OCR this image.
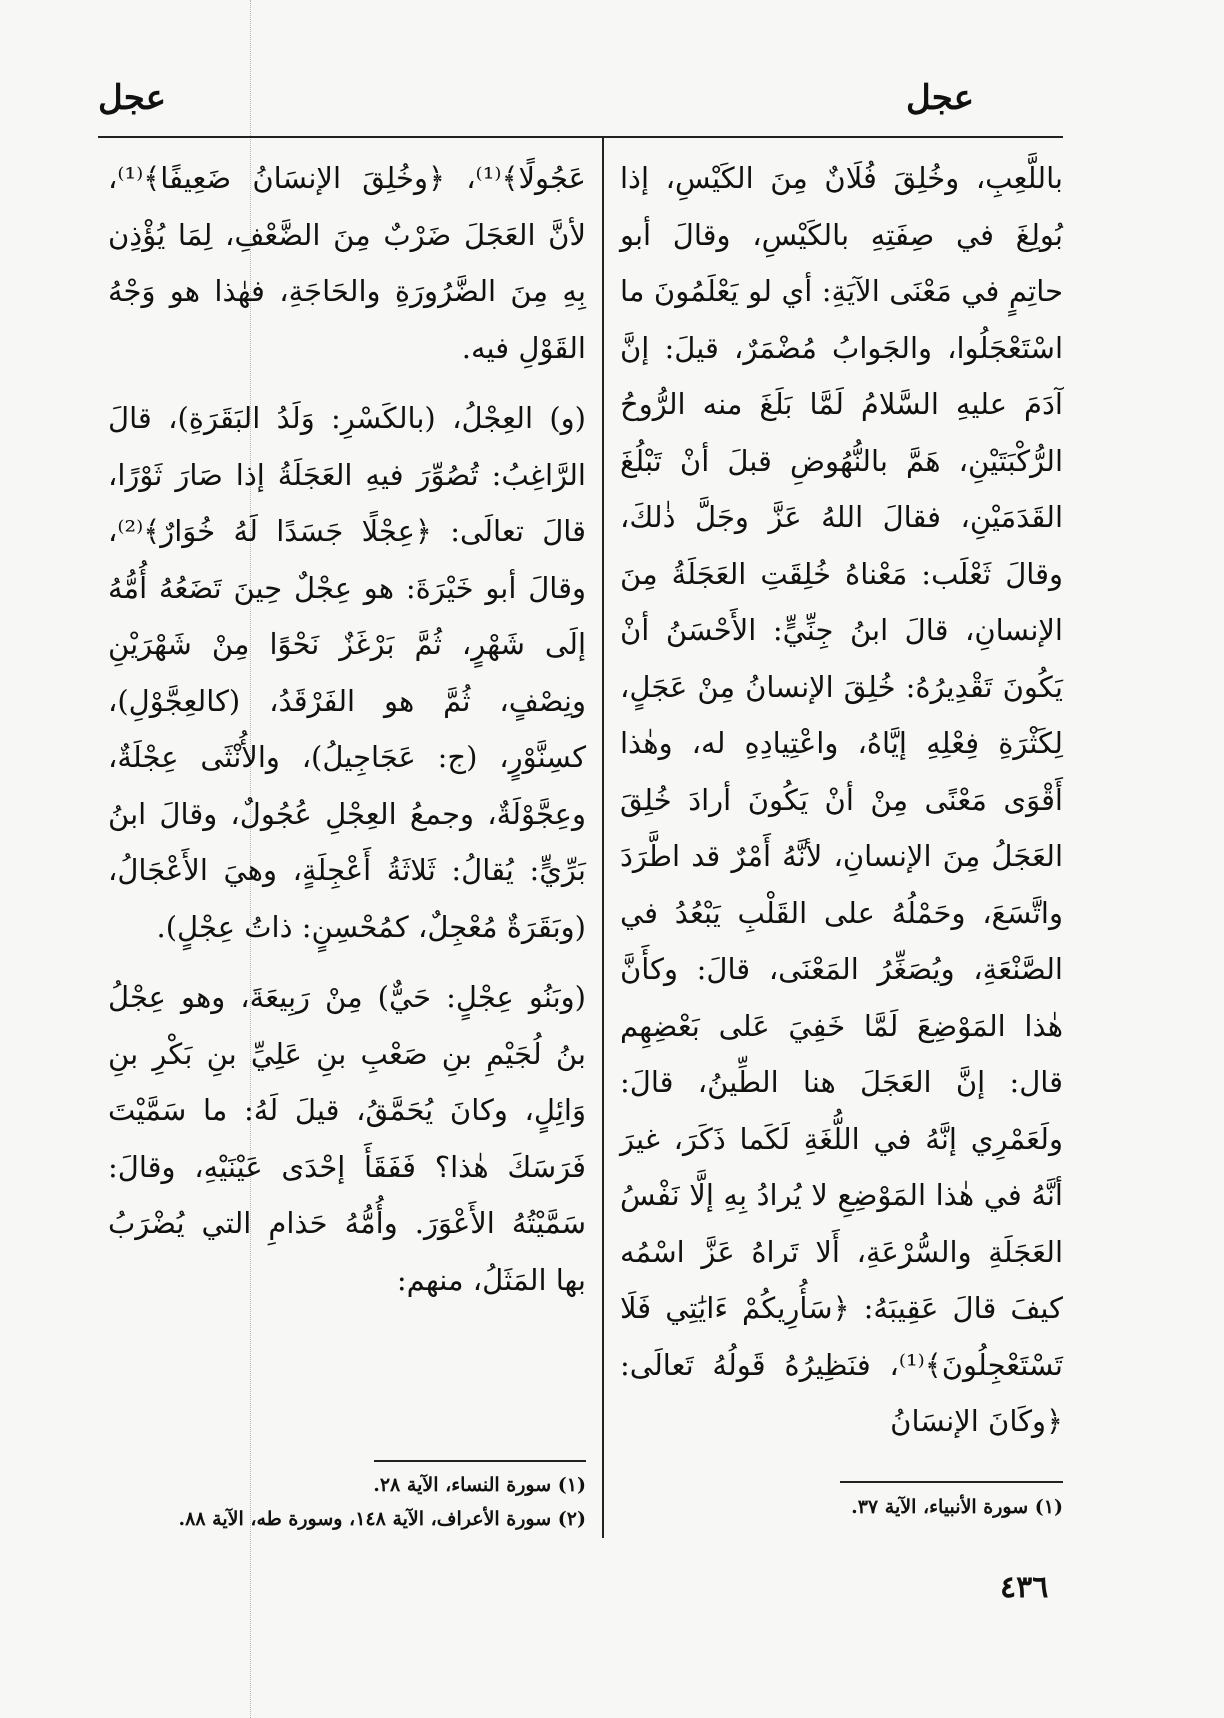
عجل
عجل

باللَّعِبِ، وخُلِقَ فُلَانٌ مِنَ الكَيْسِ، إذا بُولِغَ في صِفَتِهِ بالكَيْسِ، وقالَ أبو حاتِمٍ في مَعْنَى الآيَةِ: أي لو يَعْلَمُونَ ما اسْتَعْجَلُوا، والجَوابُ مُضْمَرٌ، قيلَ: إنَّ آدَمَ عليهِ السَّلامُ لَمَّا بَلَغَ منه الرُّوحُ الرُّكْبَتَيْنِ، هَمَّ بالنُّهُوضِ قبلَ أنْ تَبْلُغَ القَدَمَيْنِ، فقالَ اللهُ عَزَّ وجَلَّ ذٰلكَ، وقالَ ثَعْلَب: مَعْناهُ خُلِقَتِ العَجَلَةُ مِنَ الإنسانِ، قالَ ابنُ جِنِّيٍّ: الأَحْسَنُ أنْ يَكُونَ تَقْدِيرُهُ: خُلِقَ الإنسانُ مِنْ عَجَلٍ، لِكَثْرَةِ فِعْلِهِ إيَّاهُ، واعْتِيادِهِ له، وهٰذا أَقْوَى مَعْنًى مِنْ أنْ يَكُونَ أرادَ خُلِقَ العَجَلُ مِنَ الإنسانِ، لأنَّهُ أَمْرٌ قد اطَّرَدَ واتَّسَعَ، وحَمْلُهُ على القَلْبِ يَبْعُدُ في الصَّنْعَةِ، ويُصَغِّرُ المَعْنَى، قالَ: وكأَنَّ هٰذا المَوْضِعَ لَمَّا خَفِيَ عَلى بَعْضِهِم قال: إنَّ العَجَلَ هنا الطِّينُ، قالَ: ولَعَمْرِي إنَّهُ في اللُّغَةِ لَكَما ذَكَرَ، غيرَ أنَّهُ في هٰذا المَوْضِعِ لا يُرادُ بِهِ إلَّا نَفْسُ العَجَلَةِ والسُّرْعَةِ، أَلا تَراهُ عَزَّ اسْمُه كيفَ قالَ عَقِيبَهُ: ﴿سَأُرِيكُمْ ءَايَٰتِي فَلَا تَسْتَعْجِلُونَ﴾⁽¹⁾، فنَظِيرُهُ قَولُهُ تَعالَى: ﴿وكَانَ الإنسَانُ

عَجُولًا﴾⁽¹⁾، ﴿وخُلِقَ الإنسَانُ ضَعِيفًا﴾⁽¹⁾، لأنَّ العَجَلَ ضَرْبٌ مِنَ الضَّعْفِ، لِمَا يُؤْذِن بِهِ مِنَ الضَّرُورَةِ والحَاجَةِ، فهٰذا هو وَجْهُ القَوْلِ فيه.

(و) العِجْلُ، (بالكَسْرِ: وَلَدُ البَقَرَةِ)، قالَ الرَّاغِبُ: تُصُوِّرَ فيهِ العَجَلَةُ إذا صَارَ ثَوْرًا، قالَ تعالَى: ﴿عِجْلًا جَسَدًا لَهُ خُوَارٌ﴾⁽²⁾، وقالَ أبو خَيْرَةَ: هو عِجْلٌ حِينَ تَضَعُهُ أُمُّهُ إلَى شَهْرٍ، ثُمَّ بَرْغَزٌ نَحْوًا مِنْ شَهْرَيْنِ ونِصْفٍ، ثُمَّ هو الفَرْقَدُ، (كالعِجَّوْلِ)، كسِنَّوْرٍ، (ج: عَجَاجِيلُ)، والأُنْثَى عِجْلَةٌ، وعِجَّوْلَةٌ، وجمعُ العِجْلِ عُجُولٌ، وقالَ ابنُ بَرِّيٍّ: يُقالُ: ثَلاثَةُ أَعْجِلَةٍ، وهيَ الأَعْجَالُ، (وبَقَرَةٌ مُعْجِلٌ، كمُحْسِنٍ: ذاتُ عِجْلٍ).

(وبَنُو عِجْلٍ: حَيٌّ) مِنْ رَبِيعَةَ، وهو عِجْلُ بنُ لُجَيْمِ بنِ صَعْبِ بنِ عَلِيِّ بنِ بَكْرِ بنِ وَائِلٍ، وكانَ يُحَمَّقُ، قيلَ لَهُ: ما سَمَّيْتَ فَرَسَكَ هٰذا؟ فَفَقَأَ إحْدَى عَيْنَيْهِ، وقالَ: سَمَّيْتُهُ الأَعْوَرَ. وأُمُّهُ حَذامِ التي يُضْرَبُ بها المَثَلُ، منهم:

(١) سورة الأنبياء، الآية ٣٧.
(١) سورة النساء، الآية ٢٨.
(٢) سورة الأعراف، الآية ١٤٨، وسورة طه، الآية ٨٨.
٤٣٦
